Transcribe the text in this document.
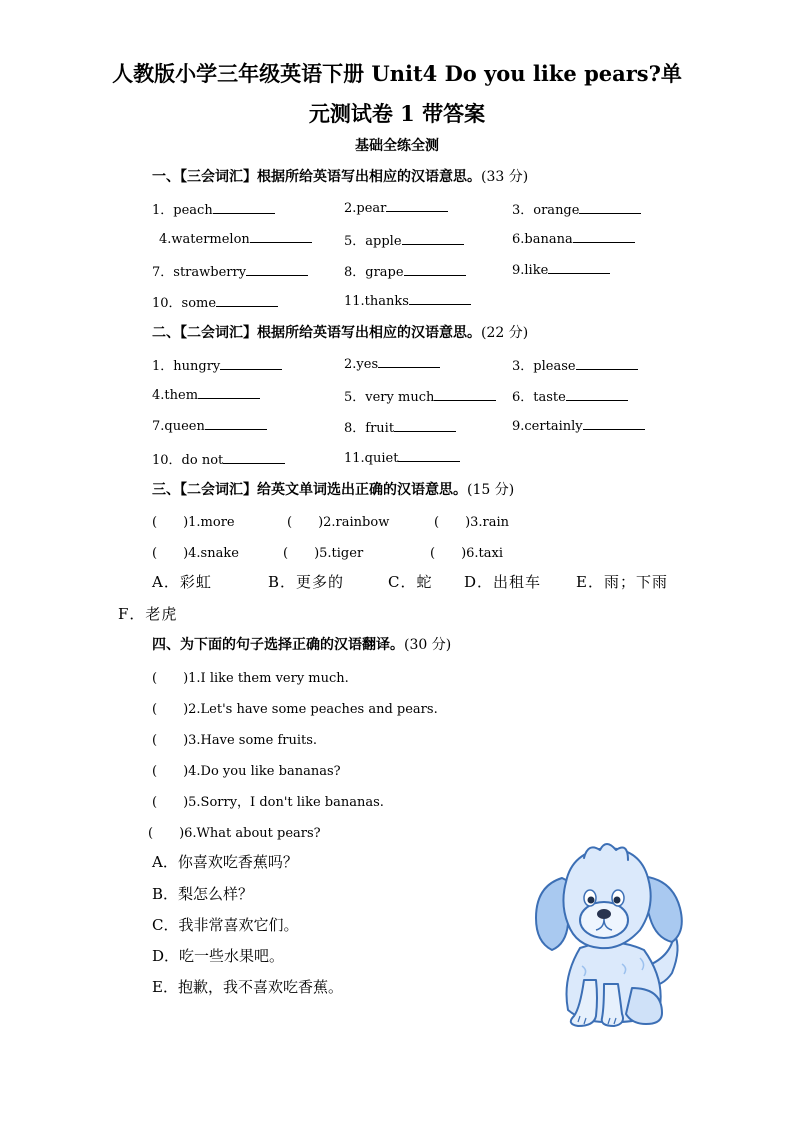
人教版小学三年级英语下册 Unit4 Do you like pears?单
元测试卷 1 带答案
基础全练全测
一、【三会词汇】根据所给英语写出相应的汉语意思。(33 分)
1．peach	2.pear	3．orange
4.watermelon	5．apple	6.banana
7．strawberry	8．grape	9.like
10．some	11.thanks
二、【二会词汇】根据所给英语写出相应的汉语意思。(22 分)
1．hungry	2.yes	3．please
4.them	5．very much	6．taste
7.queen	8．fruit	9.certainly
10．do not	11.quiet
三、【二会词汇】给英文单词选出正确的汉语意思。(15 分)
(　　)1.more	(　　)2.rainbow	(　　)3.rain
(　　)4.snake	(　　)5.tiger	(　　)6.taxi
A．彩虹	B．更多的	C．蛇 D．出租车 E．雨；下雨
F．老虎
四、为下面的句子选择正确的汉语翻译。(30 分)
(　　)1.I like them very much.
(　　)2.Let's have some peaches and pears.
(　　)3.Have some fruits.
(　　)4.Do you like bananas?
(　　)5.Sorry，I don't like bananas.
(　　)6.What about pears?
A．你喜欢吃香蕉吗？
B．梨怎么样？
C．我非常喜欢它们。
D．吃一些水果吧。
E．抱歉，我不喜欢吃香蕉。
